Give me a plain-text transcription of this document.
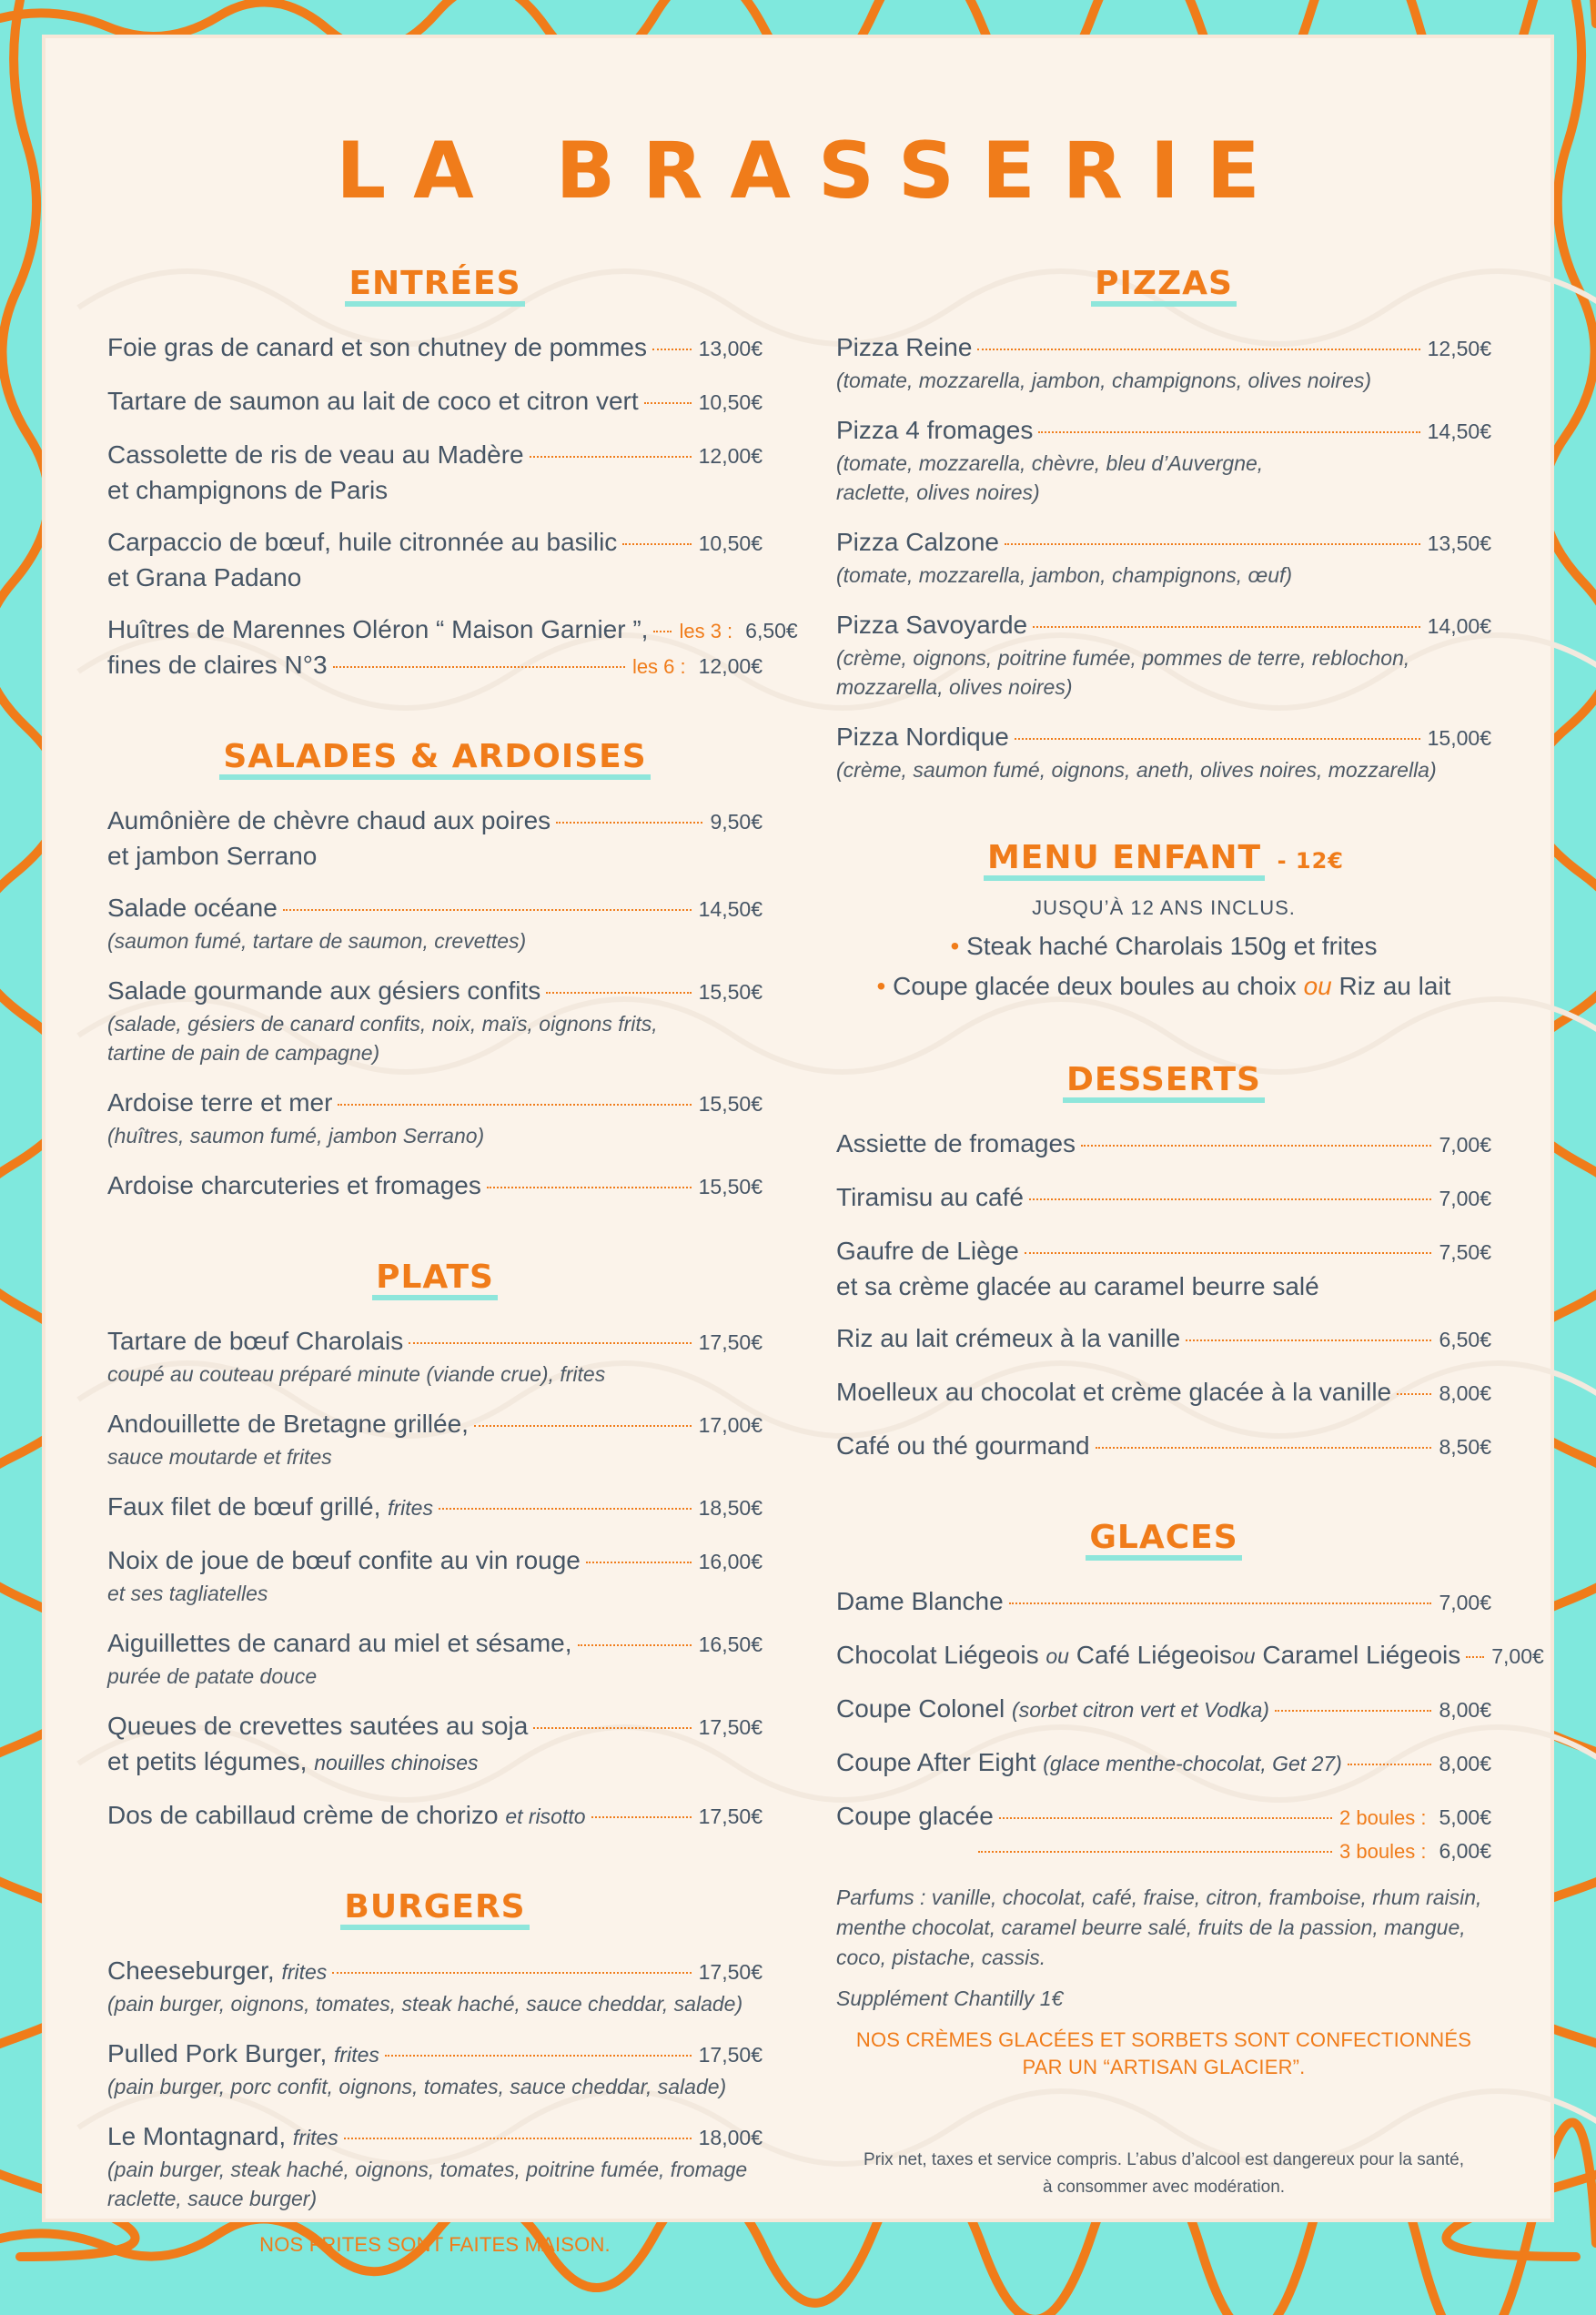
LA BRASSERIE
ENTRÉES
Foie gras de canard et son chutney de pommes 13,00€
Tartare de saumon au lait de coco et citron vert	10,50€
Cassolette de ris de veau au Madère	12,00€
et champignons de Paris
Carpaccio de bœuf, huile citronnée au basilic	10,50€
et Grana Padano
Huîtres de Marennes Oléron “ Maison Garnier ”, les 3 : 6,50€
fines de claires N°3	les 6 : 12,00€
SALADES & ARDOISES
Aumônière de chèvre chaud aux poires	9,50€
et jambon Serrano
Salade océane	14,50€
(saumon fumé, tartare de saumon, crevettes)
Salade gourmande aux gésiers confits	15,50€
(salade, gésiers de canard confits, noix, maïs, oignons frits,
tartine de pain de campagne)
Ardoise terre et mer	15,50€
(huîtres, saumon fumé, jambon Serrano)
Ardoise charcuteries et fromages	15,50€
PLATS
Tartare de bœuf Charolais	17,50€
coupé au couteau préparé minute (viande crue), frites
Andouillette de Bretagne grillée,	17,00€
sauce moutarde et frites
Faux filet de bœuf grillé, frites	18,50€
Noix de joue de bœuf confite au vin rouge	16,00€
et ses tagliatelles
Aiguillettes de canard au miel et sésame,	16,50€
purée de patate douce
Queues de crevettes sautées au soja	17,50€
et petits légumes, nouilles chinoises
Dos de cabillaud crème de chorizo et risotto	17,50€
BURGERS
Cheeseburger, frites	17,50€
(pain burger, oignons, tomates, steak haché, sauce cheddar, salade)
Pulled Pork Burger, frites	17,50€
(pain burger, porc confit, oignons, tomates, sauce cheddar, salade)
Le Montagnard, frites	18,00€
(pain burger, steak haché, oignons, tomates, poitrine fumée, fromage
raclette, sauce burger)
NOS FRITES SONT FAITES MAISON.
PIZZAS
Pizza Reine	12,50€
(tomate, mozzarella, jambon, champignons, olives noires)
Pizza 4 fromages	14,50€
(tomate, mozzarella, chèvre, bleu d’Auvergne,
raclette, olives noires)
Pizza Calzone	13,50€
(tomate, mozzarella, jambon, champignons, œuf)
Pizza Savoyarde	14,00€
(crème, oignons, poitrine fumée, pommes de terre, reblochon,
mozzarella, olives noires)
Pizza Nordique	15,00€
(crème, saumon fumé, oignons, aneth, olives noires, mozzarella)
MENU ENFANT - 12€
JUSQU’À 12 ANS INCLUS.
• Steak haché Charolais 150g et frites
• Coupe glacée deux boules au choix ou Riz au lait
DESSERTS
Assiette de fromages	7,00€
Tiramisu au café	7,00€
Gaufre de Liège	7,50€
et sa crème glacée au caramel beurre salé
Riz au lait crémeux à la vanille	6,50€
Moelleux au chocolat et crème glacée à la vanille 8,00€
Café ou thé gourmand	8,50€
GLACES
Dame Blanche	7,00€
Chocolat Liégeois ou Café Liégeoisou Caramel Liégeois 7,00€
Coupe Colonel (sorbet citron vert et Vodka)	8,00€
Coupe After Eight (glace menthe-chocolat, Get 27)	8,00€
Coupe glacée	2 boules : 5,00€
3 boules : 6,00€
Parfums : vanille, chocolat, café, fraise, citron, framboise, rhum raisin, menthe chocolat, caramel beurre salé, fruits de la passion, mangue, coco, pistache, cassis.
Supplément Chantilly 1€
NOS CRÈMES GLACÉES ET SORBETS SONT CONFECTIONNÉS
PAR UN “ARTISAN GLACIER”.
Prix net, taxes et service compris. L’abus d’alcool est dangereux pour la santé,
à consommer avec modération.
